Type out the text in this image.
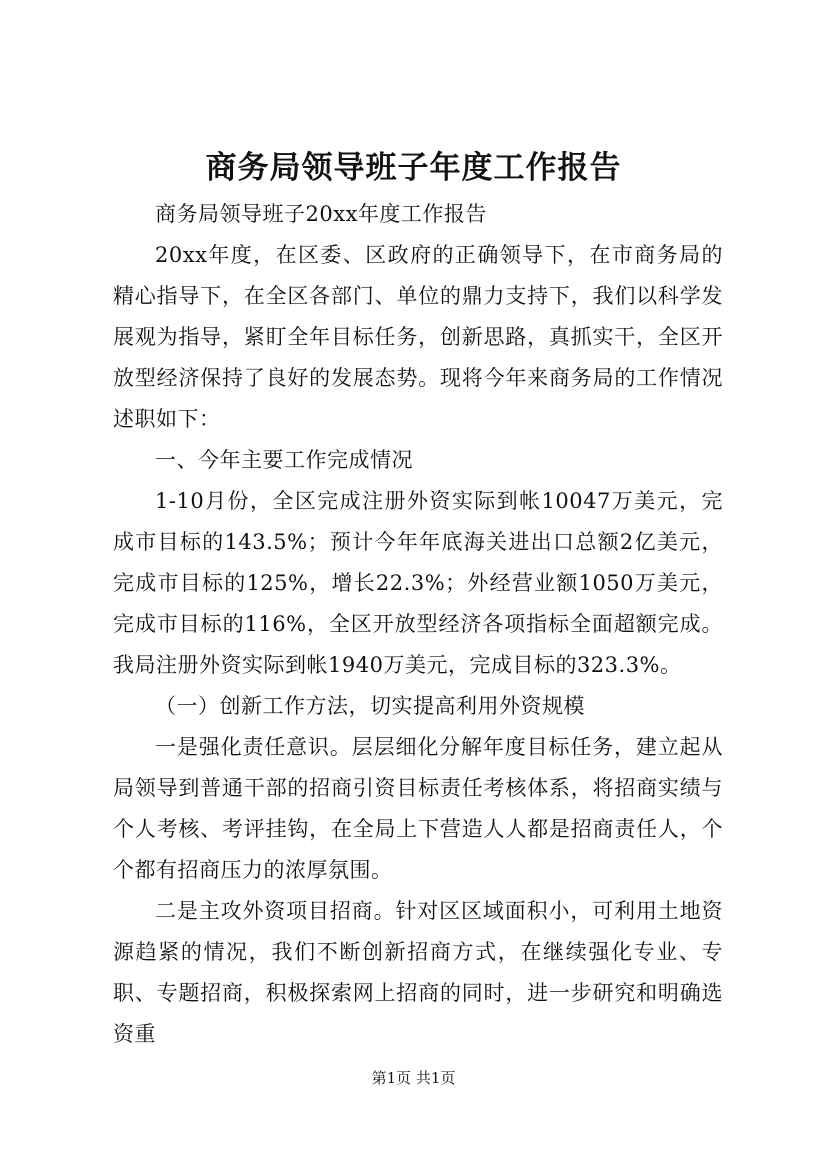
商务局领导班子年度工作报告

商务局领导班子20xx年度工作报告

20xx年度，在区委、区政府的正确领导下，在市商务局的精心指导下，在全区各部门、单位的鼎力支持下，我们以科学发展观为指导，紧盯全年目标任务，创新思路，真抓实干，全区开放型经济保持了良好的发展态势。现将今年来商务局的工作情况述职如下：

一、今年主要工作完成情况

1-10月份，全区完成注册外资实际到帐10047万美元，完成市目标的143.5%；预计今年年底海关进出口总额2亿美元，完成市目标的125%，增长22.3%；外经营业额1050万美元，完成市目标的116%，全区开放型经济各项指标全面超额完成。我局注册外资实际到帐1940万美元，完成目标的323.3%。

（一）创新工作方法，切实提高利用外资规模

一是强化责任意识。层层细化分解年度目标任务，建立起从局领导到普通干部的招商引资目标责任考核体系，将招商实绩与个人考核、考评挂钩，在全局上下营造人人都是招商责任人，个个都有招商压力的浓厚氛围。

二是主攻外资项目招商。针对区区域面积小，可利用土地资源趋紧的情况，我们不断创新招商方式，在继续强化专业、专职、专题招商，积极探索网上招商的同时，进一步研究和明确选资重

第1页 共1页
